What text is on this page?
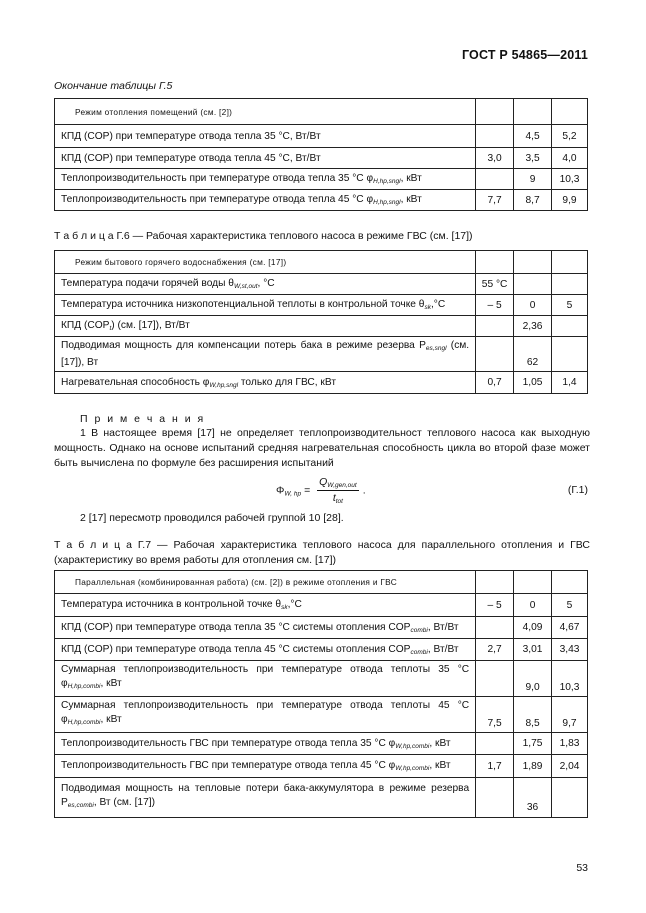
ГОСТ Р 54865—2011
Окончание таблицы Г.5
Режим отопления помещений (см. [2])			
КПД (COP) при температуре отвода тепла 35 °С, Вт/Вт		4,5	5,2
КПД (COP) при температуре отвода тепла 45 °С, Вт/Вт	3,0	3,5	4,0
Теплопроизводительность при температуре отвода тепла 35 °С $\varphi_{H,hp,sngl}$, кВт		9	10,3
Теплопроизводительность при температуре отвода тепла 45 °С $\varphi_{H,hp,sngl}$, кВт	7,7	8,7	9,9
Т а б л и ц а Г.6 — Рабочая характеристика теплового насоса в режиме ГВС (см. [17])
Режим бытового горячего водоснабжения (см. [17])			
Температура подачи горячей воды $\theta_{W,st,out}$, °С	55 °С		
Температура источника низкопотенциальной теплоты в контрольной точке $\theta_{sk},^\circ С$	– 5	0	5
КПД $(COP_t)$ (см. [17]), Вт/Вт		2,36	
Подводимая мощность для компенсации потерь бака в режиме резерва $P_{es,sngl}$ (см. [17]), Вт		62	
Нагревательная способность $\varphi_{W,hp,sngl}$ только для ГВС, кВт	0,7	1,05	1,4
П р и м е ч а н и я
1 В настоящее время [17] не определяет теплопроизводительност теплового насоса как выходную мощность. Однако на основе испытаний средняя нагревательная способность цикла во второй фазе может быть вычислена по формуле без расширения испытаний
$\Phi_{W, hp} = \frac{Q_{W,gen,out}}{t_{tot}}$ .	(Г.1)
2 [17] пересмотр проводился рабочей группой 10 [28].
Т а б л и ц а Г.7 — Рабочая характеристика теплового насоса для параллельного отопления и ГВС (характеристику во время работы для отопления см. [17])
Параллельная (комбинированная работа) (см. [2]) в режиме отопления и ГВС			
Температура источника в контрольной точке $\theta_{sk},^\circ С$	– 5	0	5
КПД (COP) при температуре отвода тепла 35 °С системы отопления $COP_{combi}$, Вт/Вт		4,09	4,67
КПД (COP) при температуре отвода тепла 45 °С системы отопления $COP_{combi}$, Вт/Вт	2,7	3,01	3,43
Суммарная теплопроизводительность при температуре отвода теплоты 35 °С $\varphi_{H,hp,combi}$, кВт		9,0	10,3
Суммарная теплопроизводительность при температуре отвода теплоты 45 °С $\varphi_{H,hp,combi}$, кВт	7,5	8,5	9,7
Теплопроизводительность ГВС при температуре отвода тепла 35 °С $\varphi_{W,hp,combi}$, кВт		1,75	1,83
Теплопроизводительность ГВС при температуре отвода тепла 45 °С $\varphi_{W,hp,combi}$, кВт	1,7	1,89	2,04
Подводимая мощность на тепловые потери бака-аккумулятора в режиме резерва $P_{es,combi}$, Вт (см. [17])		36	
53
